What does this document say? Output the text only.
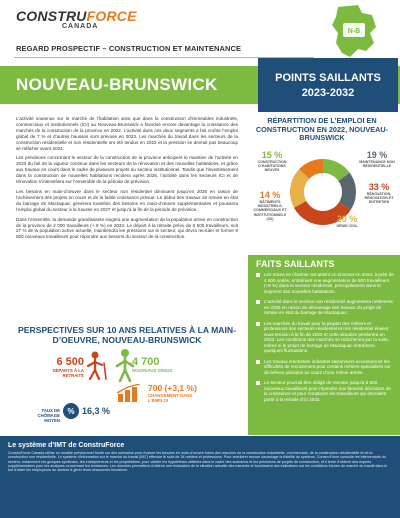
CONSTRUFORCE
CANADA
REGARD PROSPECTIF – CONSTRUCTION ET MAINTENANCE
N-B
NOUVEAU-BRUNSWICK	POINTS SAILLANTS
2023-2032

L’activité soutenue sur le marché de l’habitation ainsi que dans la construction d’immeubles industriels, commerciaux et institutionnels (ICI) au Nouveau-Brunswick a favorisé encore davantage la croissance des marchés de la construction de la province en 2022. L’activité dans ces deux segments a fait croître l’emploi global de 7 % et d’autres hausses sont prévues en 2023. Les marchés du travail dans les secteurs de la construction résidentielle et non résidentielle ont été tendus en 2022 et la pression se devrait pas beaucoup se relâcher avant 2024.

Les prévisions concernant le secteur de la construction de la province anticipent le maintien de l’activité en 2023 du fait de la vigueur continue dans les secteurs de la rénovation et des nouvelles habitations, et grâce aux travaux en cours dans le cadre de plusieurs projets du secteur institutionnel. Tandis que l’investissement dans la construction de nouvelles habitations recolera après 2026, l’activité dans les secteurs ICI et de rénovation s’intensifiera sur l’ensemble de la période de prévision.

Les besoins en main-d’œuvre dans le secteur non résidentiel diminuent jusqu’en 2026 en raison de l’achèvement des projets en cours et de la faible croissance prévue. Le début des travaux de remise en état du barrage de Mactaquac générera toutefois des besoins en main-d’œuvre supplémentaires et poussera l’emploi global du secteur à la hausse en 2027 et jusqu’à la fin de la période de prévision.

Dans l’ensemble, la demande grandissante exigera une augmentation de la population active en construction de la province de 2 000 travailleurs (+ 8 %) en 2032. Le départ à la retraite prévu de 6 500 travailleurs, soit 27 % de la population active actuelle, maintiendra les pressions sur le secteur, qui devra recruter et former 8 500 nouveaux travailleurs pour répondre aux besoins du secteur de la construction.

RÉPARTITION DE L’EMPLOI EN CONSTRUCTION EN 2022, NOUVEAU-BRUNSWICK
15 %
CONSTRUCTION D’HABITATIONS NEUVES
19 %
MAINTENANCE NON RÉSIDENTIELLE
33 %
RÉNOVATION, RÉNOVATION ET ENTRETIEN
20 %
GÉNIE CIVIL
14 %
BÂTIMENTS INDUSTRIELS, COMMERCIAUX ET INSTITUTIONNELS (ICI)
FAITS SAILLANTS
Les mises en chantier ont atteint un sommet en 2022, à près de 4 500 unités, entraînant une augmentation de 800 travailleurs (+8 %) dans le secteur résidentiel, principalement dans le segment des nouvelles habitations.
L’activité dans le secteur non résidentiel augmentera nettement en 2026 en raison du démarrage des travaux du projet de remise en état du barrage de Mactaquac.
Les marchés du travail pour la plupart des métiers et professions des secteurs résidentiel et non résidentiel étaient sous tension à la fin de 2022 et cette situation perdurera en 2023. Les conditions des marchés se relâcheront par la suite, même si le projet de barrage de Mactaquac entraînera quelques fluctuations.
Les travaux d’entretien industriel saisonniers accentueront les difficultés de recrutement pour certains métiers spécialisés sur de brèves périodes au cours d’une même année.
Le secteur pourrait être obligé de recruter jusqu’à 8 500 nouveaux travailleurs pour répondre aux besoins découlant de la croissance et pour remplacer les travailleurs qui devraient partir à la retraite d’ici 2032.
PERSPECTIVES SUR 10 ANS RELATIVES À LA MAIN-D’OEUVRE, NOUVEAU-BRUNSWICK
6 500
DÉPARTS À LA RETRAITE
4 700
NOUVEAUX VENUS
700 (+3,1 %)
CHANGEMENT DANS L’EMPLOI
TAUX DE CHÔMAGE MOYEN
% 16,3 %
Le système d’IMT de ConstruForce
ConstruForce Canada utilise un modèle prévisionnel fondé sur des scénarios pour évaluer les besoins en main-d’œuvre futurs des marchés de la construction industrielle, commerciale, de la construction résidentielle et de la construction non résidentielle. Le système d’information sur le marché du travail (IMT) effectue le suivi de 34 métiers et professions. Pour améliorer encore davantage la fiabilité du système, ConstruForce consulte les intervenants du secteur, notamment les groupes syndicaux, les entrepreneurs et les propriétaires, pour valider les hypothèses utilisées dans le cadre des scénarios et les prévisions de projets de construction, et il tente d’obtenir des experts supplémentaires pour les analyses concernant les tendances. Les données permettent d’obtenir une évaluation de la situation actuelle des marchés et fournissent des indications sur les conditions futures du marché du travail dans le but d’aider les employeurs du secteur à gérer leurs ressources humaines.
